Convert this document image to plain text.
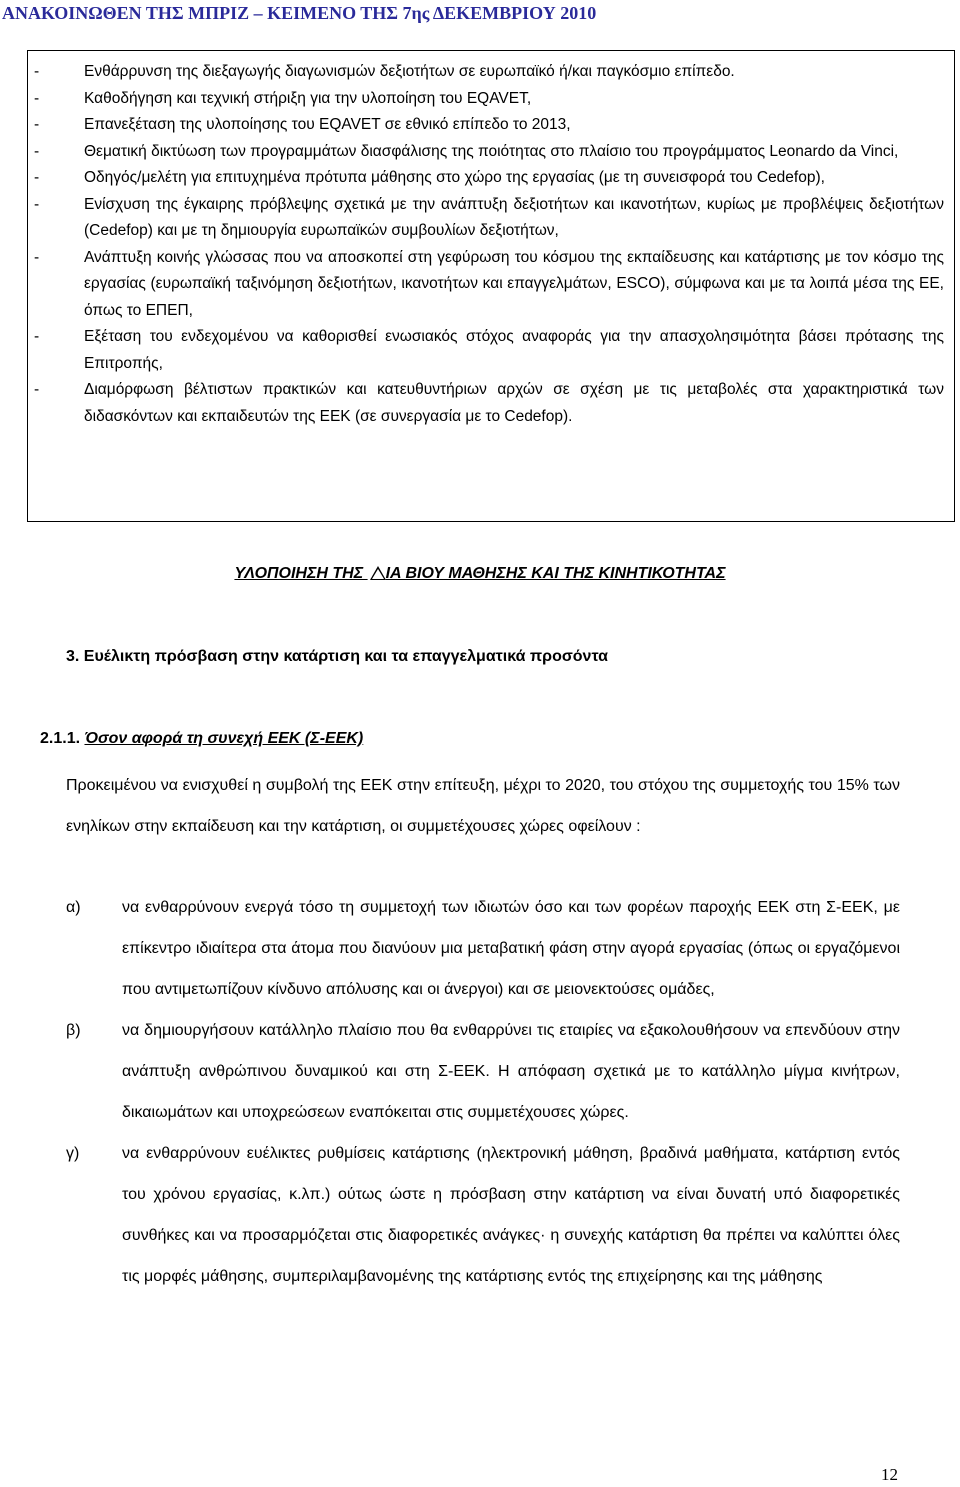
ΑΝΑΚΟΙΝΩΘΕΝ ΤΗΣ ΜΠΡΙΖ – ΚΕΙΜΕΝΟ ΤΗΣ 7ης ΔΕΚΕΜΒΡΙΟΥ 2010
-	Ενθάρρυνση της διεξαγωγής διαγωνισμών δεξιοτήτων σε ευρωπαϊκό ή/και παγκόσμιο επίπεδο.
-	Καθοδήγηση και τεχνική στήριξη για την υλοποίηση του EQAVET,
-	Επανεξέταση της υλοποίησης του EQAVET σε εθνικό επίπεδο το 2013,
-	Θεματική δικτύωση των προγραμμάτων διασφάλισης της ποιότητας στο πλαίσιο του προγράμματος Leonardo da Vinci,
-	Οδηγός/μελέτη για επιτυχημένα πρότυπα μάθησης στο χώρο της εργασίας (με τη συνεισφορά του Cedefop),
-	Ενίσχυση της έγκαιρης πρόβλεψης σχετικά με την ανάπτυξη δεξιοτήτων και ικανοτήτων, κυρίως με προβλέψεις δεξιοτήτων (Cedefop) και με τη δημιουργία ευρωπαϊκών συμβουλίων δεξιοτήτων,
-	Ανάπτυξη κοινής γλώσσας που να αποσκοπεί στη γεφύρωση του κόσμου της εκπαίδευσης και κατάρτισης με τον κόσμο της εργασίας (ευρωπαϊκή ταξινόμηση δεξιοτήτων, ικανοτήτων και επαγγελμάτων, ESCO), σύμφωνα και με τα λοιπά μέσα της ΕΕ, όπως το ΕΠΕΠ,
-	Εξέταση του ενδεχομένου να καθορισθεί ενωσιακός στόχος αναφοράς για την απασχολησιμότητα βάσει πρότασης της Επιτροπής,
-	Διαμόρφωση βέλτιστων πρακτικών και κατευθυντήριων αρχών σε σχέση με τις μεταβολές στα χαρακτηριστικά των διδασκόντων και εκπαιδευτών της ΕΕΚ (σε συνεργασία με το Cedefop).
ΥΛΟΠΟΙΗΣΗ ΤΗΣ ΙΑ ΒΙΟΥ ΜΑΘΗΣΗΣ ΚΑΙ ΤΗΣ ΚΙΝΗΤΙΚΟΤΗΤΑΣ
3. Ευέλικτη πρόσβαση στην κατάρτιση και τα επαγγελματικά προσόντα
2.1.1. Όσον αφορά τη συνεχή ΕΕΚ (Σ-ΕΕΚ)
Προκειμένου να ενισχυθεί η συμβολή της ΕΕΚ στην επίτευξη, μέχρι το 2020, του στόχου της συμμετοχής του 15% των ενηλίκων στην εκπαίδευση και την κατάρτιση, οι συμμετέχουσες χώρες οφείλουν :
α)	να ενθαρρύνουν ενεργά τόσο τη συμμετοχή των ιδιωτών όσο και των φορέων παροχής ΕΕΚ στη Σ-ΕΕΚ, με επίκεντρο ιδιαίτερα στα άτομα που διανύουν μια μεταβατική φάση στην αγορά εργασίας (όπως οι εργαζόμενοι που αντιμετωπίζουν κίνδυνο απόλυσης και οι άνεργοι) και σε μειονεκτούσες ομάδες,
β)	να δημιουργήσουν κατάλληλο πλαίσιο που θα ενθαρρύνει τις εταιρίες να εξακολουθήσουν να επενδύουν στην ανάπτυξη ανθρώπινου δυναμικού και στη Σ-ΕΕΚ. Η απόφαση σχετικά με το κατάλληλο μίγμα κινήτρων, δικαιωμάτων και υποχρεώσεων εναπόκειται στις συμμετέχουσες χώρες.
γ)	να ενθαρρύνουν ευέλικτες ρυθμίσεις κατάρτισης (ηλεκτρονική μάθηση, βραδινά μαθήματα, κατάρτιση εντός του χρόνου εργασίας, κ.λπ.) ούτως ώστε η πρόσβαση στην κατάρτιση να είναι δυνατή υπό διαφορετικές συνθήκες και να προσαρμόζεται στις διαφορετικές ανάγκες· η συνεχής κατάρτιση θα πρέπει να καλύπτει όλες τις μορφές μάθησης, συμπεριλαμβανομένης της κατάρτισης εντός της επιχείρησης και της μάθησης
12
